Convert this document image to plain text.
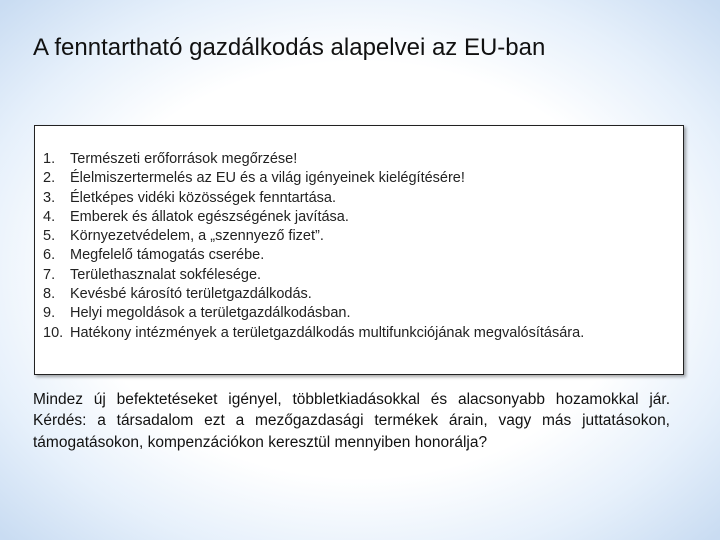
A fenntartható gazdálkodás alapelvei az EU-ban
1. Természeti erőforrások megőrzése!
2. Élelmiszertermelés az EU és a világ igényeinek kielégítésére!
3. Életképes vidéki közösségek fenntartása.
4. Emberek és állatok egészségének javítása.
5. Környezetvédelem, a „szennyező fizet”.
6. Megfelelő támogatás cserébe.
7. Területhasznalat sokfélesége.
8. Kevésbé károsító területgazdálkodás.
9. Helyi megoldások a területgazdálkodásban.
10. Hatékony intézmények a területgazdálkodás multifunkciójának megvalósítására.

Mindez új befektetéseket igényel, többletkiadásokkal és alacsonyabb hozamokkal jár. Kérdés: a társadalom ezt a mezőgazdasági termékek árain, vagy más juttatásokon, támogatásokon, kompenzációkon keresztül mennyiben honorálja?
